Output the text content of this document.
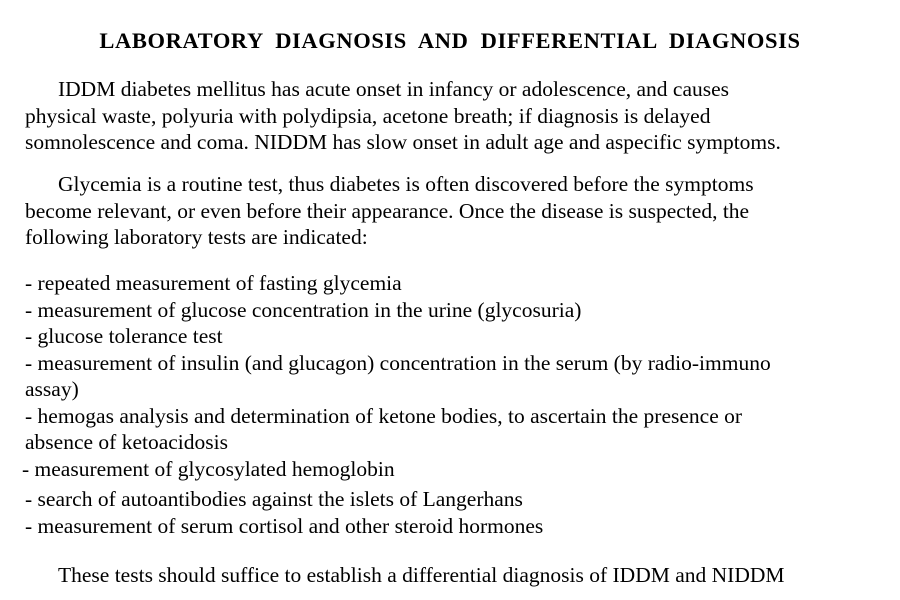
LABORATORY DIAGNOSIS AND DIFFERENTIAL DIAGNOSIS

IDDM diabetes mellitus has acute onset in infancy or adolescence, and causes
physical waste, polyuria with polydipsia, acetone breath; if diagnosis is delayed
somnolescence and coma. NIDDM has slow onset in adult age and aspecific symptoms.

Glycemia is a routine test, thus diabetes is often discovered before the symptoms
become relevant, or even before their appearance. Once the disease is suspected, the
following laboratory tests are indicated:

- repeated measurement of fasting glycemia
- measurement of glucose concentration in the urine (glycosuria)
- glucose tolerance test
- measurement of insulin (and glucagon) concentration in the serum (by radio-immuno
assay)
- hemogas analysis and determination of ketone bodies, to ascertain the presence or
absence of ketoacidosis
- measurement of glycosylated hemoglobin
- search of autoantibodies against the islets of Langerhans
- measurement of serum cortisol and other steroid hormones

These tests should suffice to establish a differential diagnosis of IDDM and NIDDM
